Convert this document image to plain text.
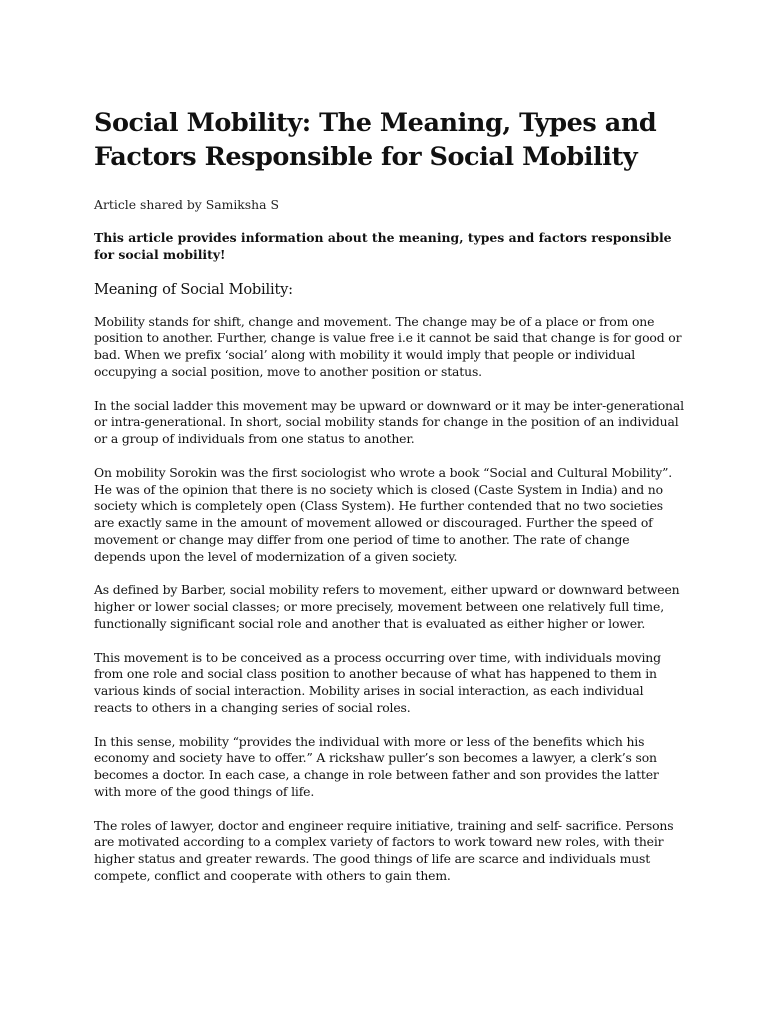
Social Mobility: The Meaning, Types and Factors Responsible for Social Mobility
Article shared by Samiksha S
This article provides information about the meaning, types and factors responsible for social mobility!
Meaning of Social Mobility:

Mobility stands for shift, change and movement. The change may be of a place or from one position to another. Further, change is value free i.e it cannot be said that change is for good or bad. When we prefix ‘social’ along with mobility it would imply that people or individual occupying a social position, move to another position or status.

In the social ladder this movement may be upward or downward or it may be inter-generational or intra-generational. In short, social mobility stands for change in the position of an individual or a group of individuals from one status to another.

On mobility Sorokin was the first sociologist who wrote a book “Social and Cultural Mobility”. He was of the opinion that there is no society which is closed (Caste System in India) and no society which is completely open (Class System). He further contended that no two societies are exactly same in the amount of movement allowed or discouraged. Further the speed of movement or change may differ from one period of time to another. The rate of change depends upon the level of modernization of a given society.

As defined by Barber, social mobility refers to movement, either upward or downward between higher or lower social classes; or more precisely, movement between one relatively full time, functionally significant social role and another that is evaluated as either higher or lower.

This movement is to be conceived as a process occurring over time, with individuals moving from one role and social class position to another because of what has happened to them in various kinds of social interaction. Mobility arises in social interaction, as each individual reacts to others in a changing series of social roles.

In this sense, mobility “provides the individual with more or less of the benefits which his economy and society have to offer.” A rickshaw puller’s son becomes a lawyer, a clerk’s son becomes a doctor. In each case, a change in role between father and son provides the latter with more of the good things of life.

The roles of lawyer, doctor and engineer require initiative, training and self- sacrifice. Persons are motivated according to a complex variety of factors to work toward new roles, with their higher status and greater rewards. The good things of life are scarce and individuals must compete, conflict and cooperate with others to gain them.
